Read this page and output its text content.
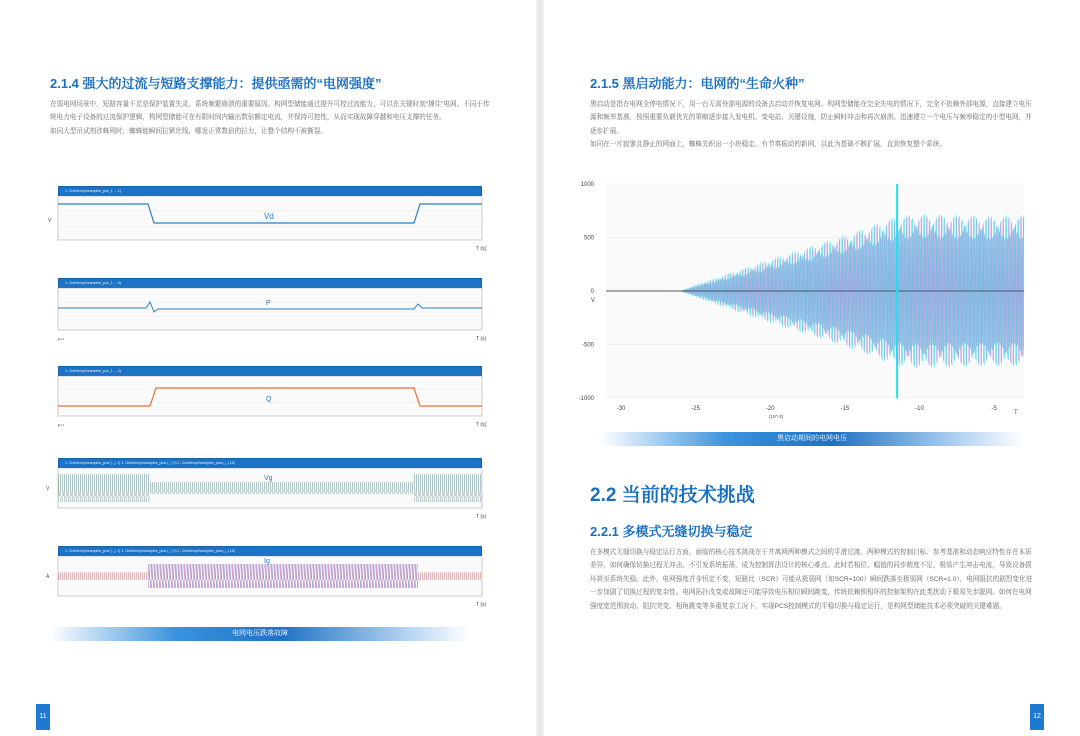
2.1.4 强大的过流与短路支撑能力：提供亟需的“电网强度”

在弱电网场景中，短路容量不足是保护装置失灵、系统频繁崩溃的重要原因。构网型储能通过提升可控过流能力，可以在关键时刻“撑住”电网。不同于传统电力电子设备的过流保护逻辑，构网型储能可在有限时间内输出数倍额定电流，并保持可控性，从而实现故障穿越和电压支撑的任务。

如同大型吊试剂涉蛛网时，蜘蛛能瞬间拉紧丝线，哪发正常数倍的拉力，让整个结构不被撕裂。

1: Ouh/temp/hsamples_pcs_1 ... 1)
Vd
V
T (s)
1: Ouh/temp/hsamples_pcs_1 ... 4)
P
p.u	T (s)
1: Ouh/temp/hsamples_pcs_1 ... 2)
Q
p.u	T (s)
1: Ouh/temp/hsamples_pcs/ (,,,) 1) 1: Ouh/temp/hsamples_pcs/ (,,,) 9) 1: Ouh/temp/hsamples_pcs/ (,,,) 10)
Vg
V
T (s)
1: Ouh/temp/hsamples_pcs/ (,,,) 1) 1: Ouh/temp/hsamples_pcs/ (,,,) 9) 1: Ouh/temp/hsamples_pcs/ (,,,) 10)
Ig
A
T (s)
电网电压跌落故障
11
2.1.5 黑启动能力：电网的“生命火种”

黑启动是指在电网全停电情况下，用一台无需外部电源的设备去启动并恢复电网。构网型储能在完全失电的情况下，完全不依赖外部电源，直接建立电压源和频率基准，按照重要负载优先的策略逐步接入发电机、变电站、关键设施，防止瞬时冲击和再次崩溃。迅速建立一个电压与频率稳定的小型电网，并逐步扩展。

如同在一片寂寥且静止的网面上，蜘蛛先织出一小块稳定、有节奏振动的新网，以此为基础不断扩展，直到恢复整个系统。

1000
500
0
-500
-1000
-30	-25	-20	-15	-10	-5
V
T
(10^-3)
黑启动期间的电网电压
2.2 当前的技术挑战
2.2.1 多模式无缝切换与稳定

在多模式无缝切换与稳定运行方面，面临的核心技术挑战在于并离网两种模式之间的平滑过渡。两种模式的控制目标、参考基准和动态响应特性存在本质差异，如何确保切换过程无冲击、不引发系统振荡，成为控制算法设计的核心难点。此时若相位、幅值的同步精度不足，极易产生冲击电流，导致设备损坏甚至系统失稳。此外，电网强度并非恒定不变，短路比（SCR）可能从极弱网（如SCR=100）瞬间跌落至极弱网（SCR=1.0），电网阻抗的剧烈变化进一步加剧了切换过程的复杂性。电网拓扑改变或故障还可能导致电压相位瞬间跳变，传统依赖锁相环的控制架构在此类扰动下极易失步脱网。如何在电网强度宽范围波动、阻抗突变、相角跳变等多重复杂工况下，实现PCS控制模式的平稳切换与稳定运行，是构网型储能技术必须突破的关键难题。

12
